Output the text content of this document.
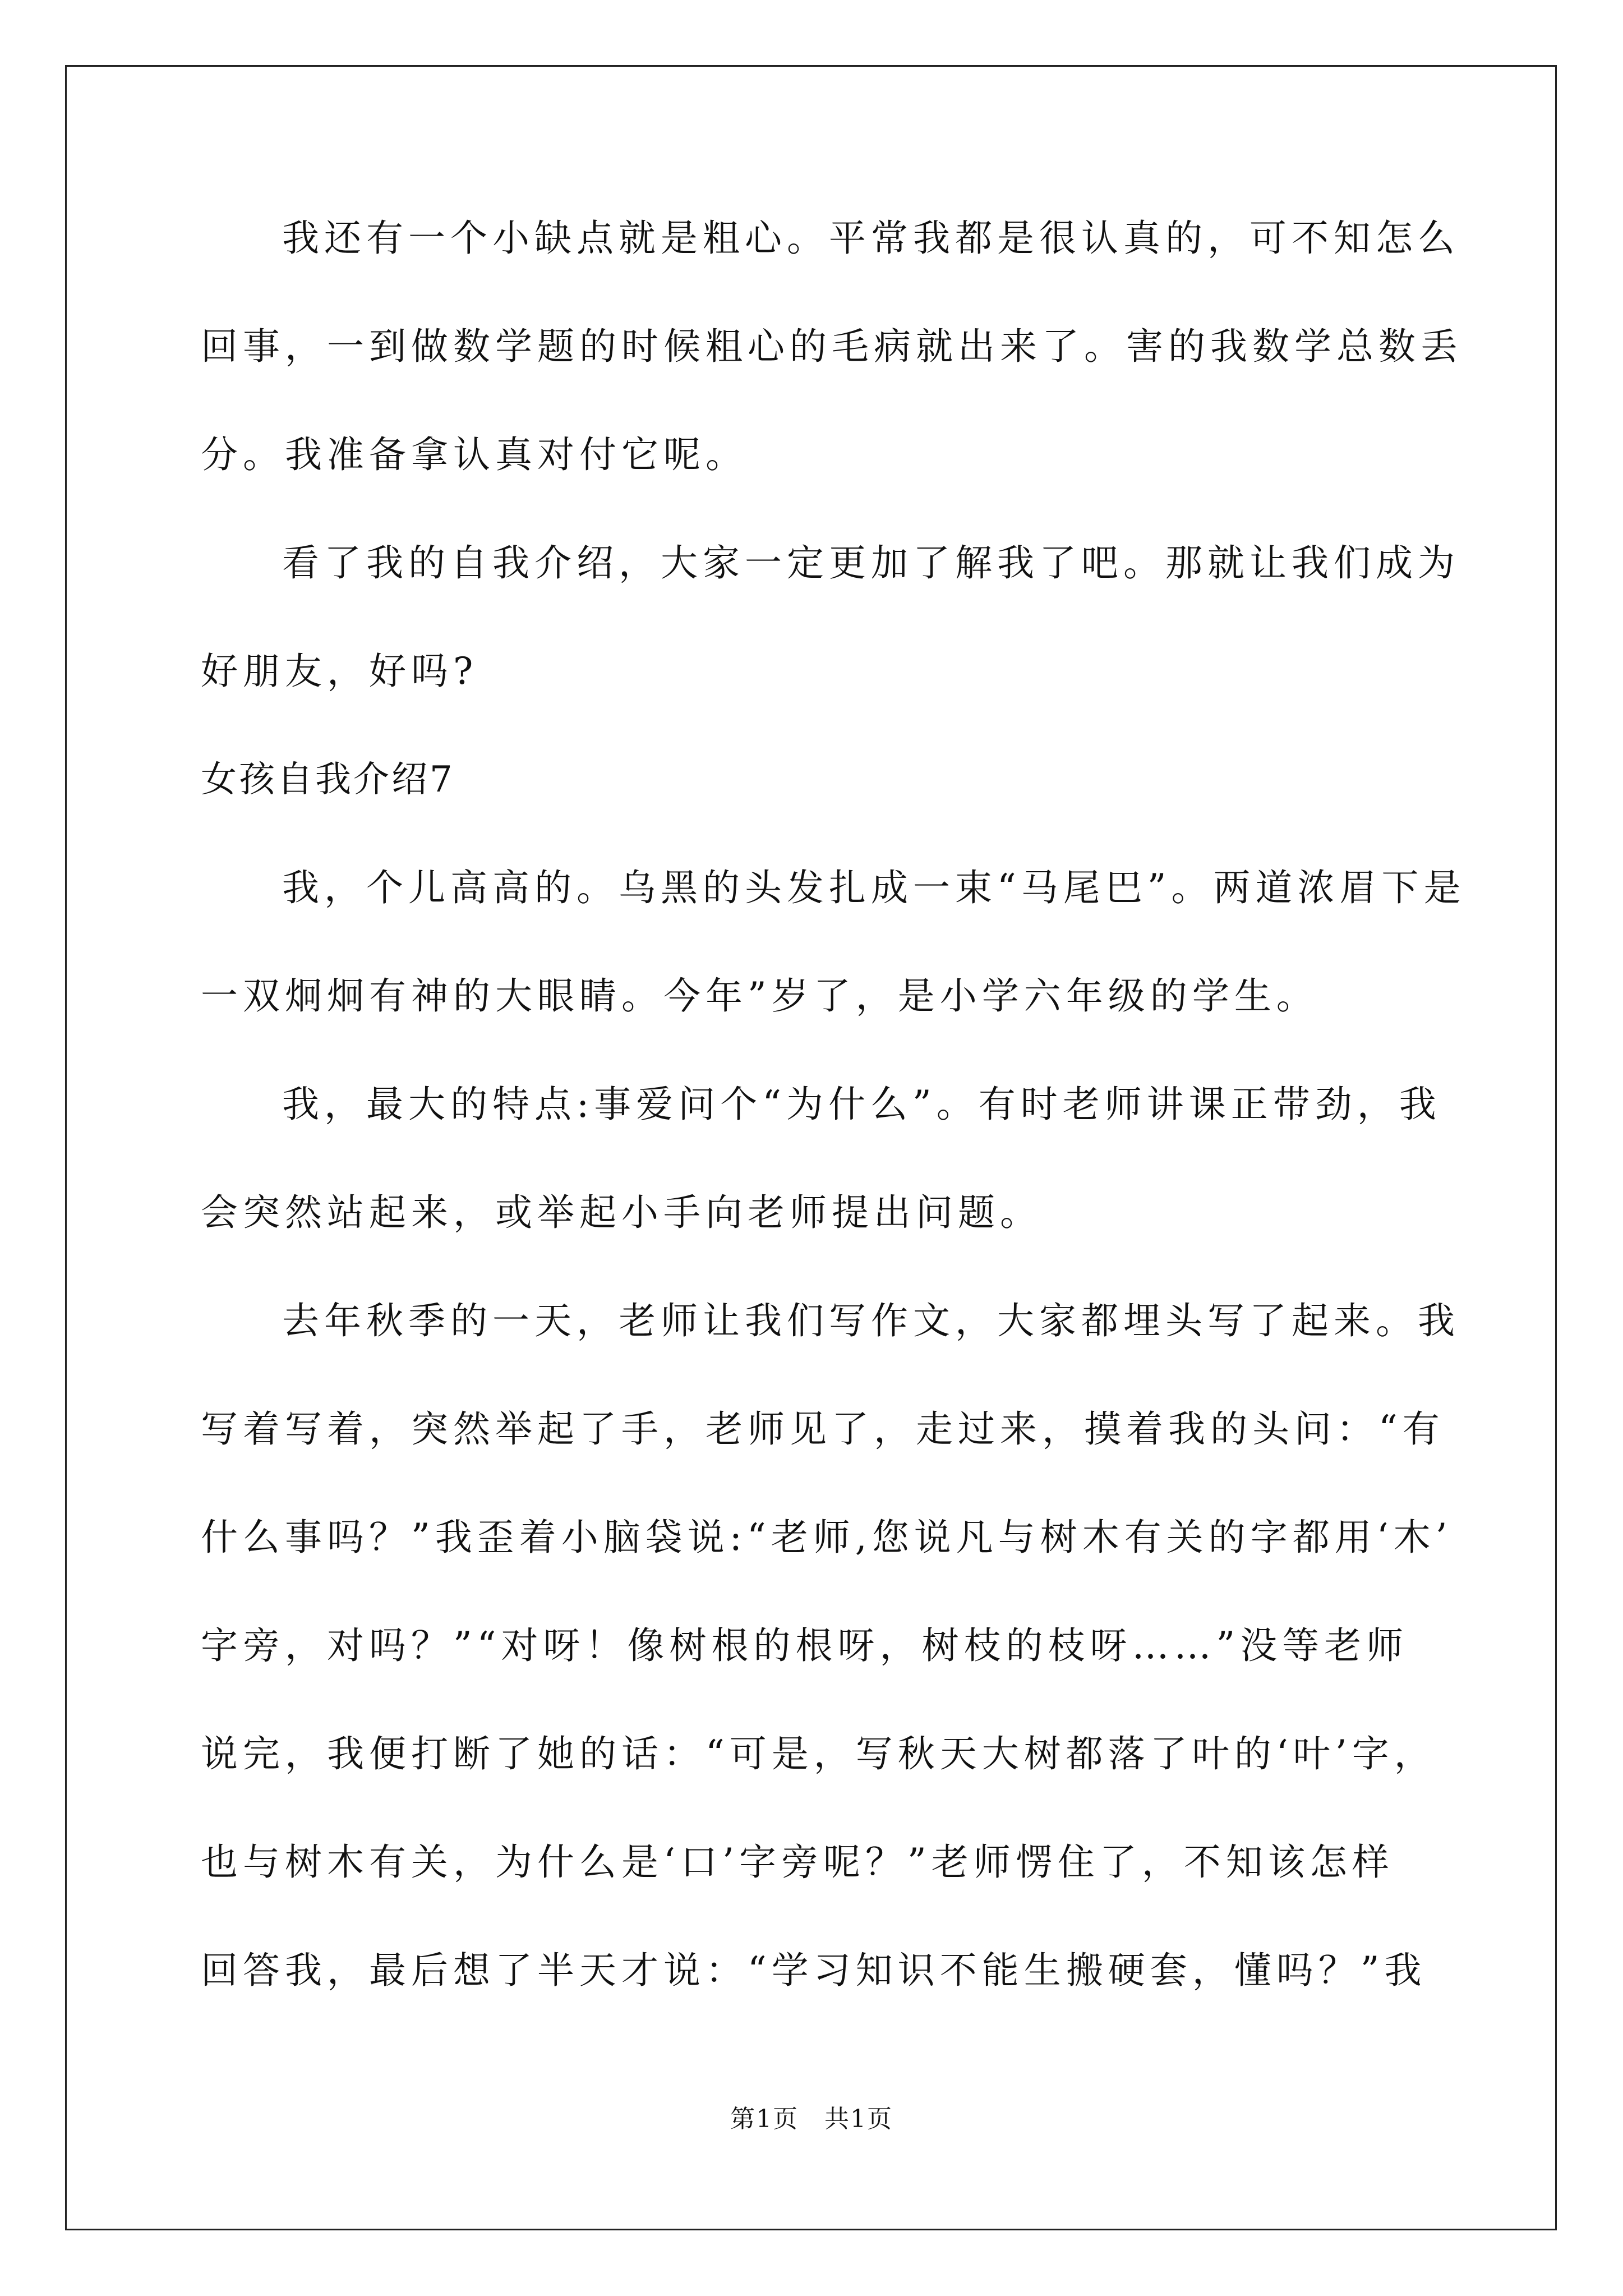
我还有一个小缺点就是粗心。平常我都是很认真的，可不知怎么
回事，一到做数学题的时候粗心的毛病就出来了。害的我数学总数丢
分。我准备拿认真对付它呢。
看了我的自我介绍，大家一定更加了解我了吧。那就让我们成为
好朋友，好吗?
女孩自我介绍7
我，个儿高高的。乌黑的头发扎成一束“马尾巴”。两道浓眉下是
一双炯炯有神的大眼睛。今年”岁了，是小学六年级的学生。
我，最大的特点:事爱问个“为什么”。有时老师讲课正带劲，我
会突然站起来，或举起小手向老师提出问题。
去年秋季的一天，老师让我们写作文，大家都埋头写了起来。我
写着写着，突然举起了手，老师见了，走过来，摸着我的头问：“有
什么事吗？”我歪着小脑袋说:“老师,您说凡与树木有关的字都用‘木’
字旁，对吗？”“对呀！像树根的根呀，树枝的枝呀……”没等老师
说完，我便打断了她的话：“可是，写秋天大树都落了叶的‘叶’字，
也与树木有关，为什么是‘口’字旁呢？”老师愣住了，不知该怎样
回答我，最后想了半天才说：“学习知识不能生搬硬套，懂吗？”我
第1页　共1页
